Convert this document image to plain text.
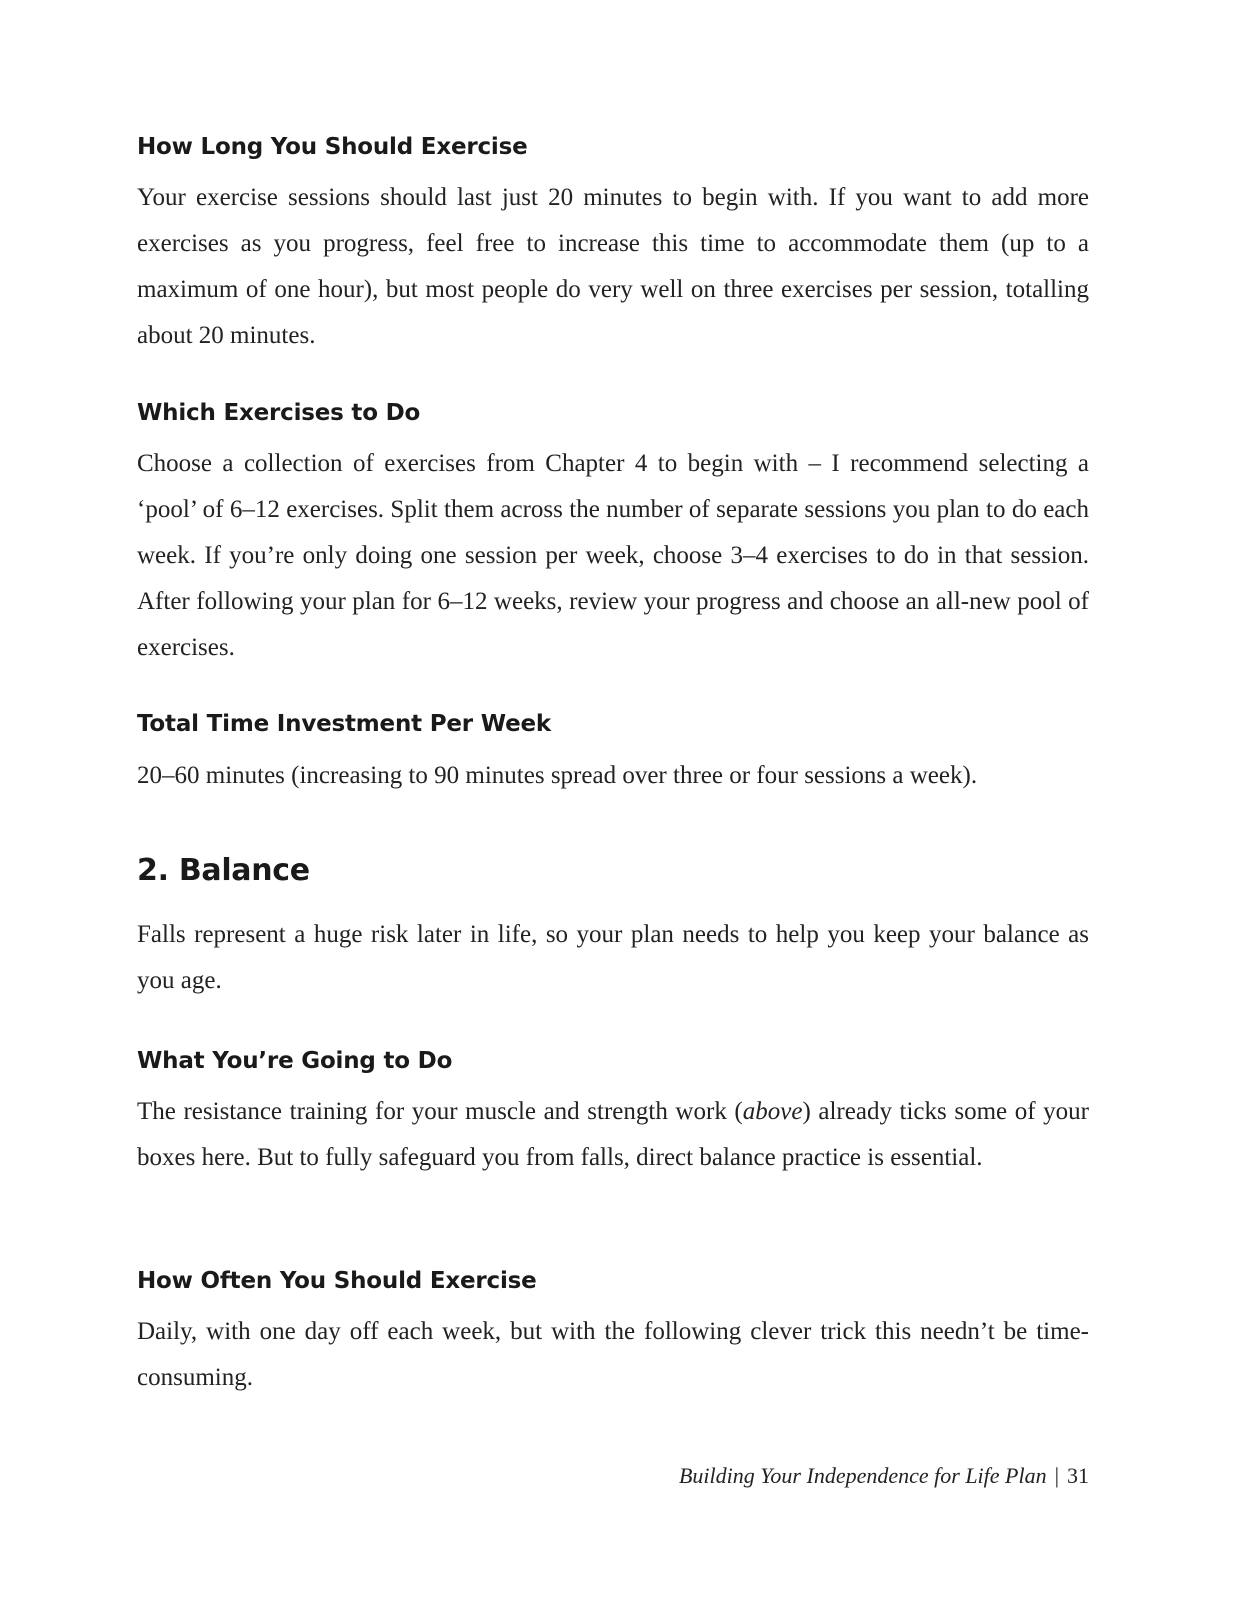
How Long You Should Exercise

Your exercise sessions should last just 20 minutes to begin with. If you want to add more exercises as you progress, feel free to increase this time to accommodate them (up to a maximum of one hour), but most people do very well on three exercises per session, totalling about 20 minutes.

Which Exercises to Do

Choose a collection of exercises from Chapter 4 to begin with – I recommend selecting a ‘pool’ of 6–12 exercises. Split them across the number of separate sessions you plan to do each week. If you’re only doing one session per week, choose 3–4 exercises to do in that session. After following your plan for 6–12 weeks, review your progress and choose an all-new pool of exercises.

Total Time Investment Per Week

20–60 minutes (increasing to 90 minutes spread over three or four sessions a week).

2. Balance

Falls represent a huge risk later in life, so your plan needs to help you keep your balance as you age.

What You’re Going to Do

The resistance training for your muscle and strength work (above) already ticks some of your boxes here. But to fully safeguard you from falls, direct balance practice is essential.

How Often You Should Exercise

Daily, with one day off each week, but with the following clever trick this needn’t be time-consuming.

Building Your Independence for Life Plan | 31
